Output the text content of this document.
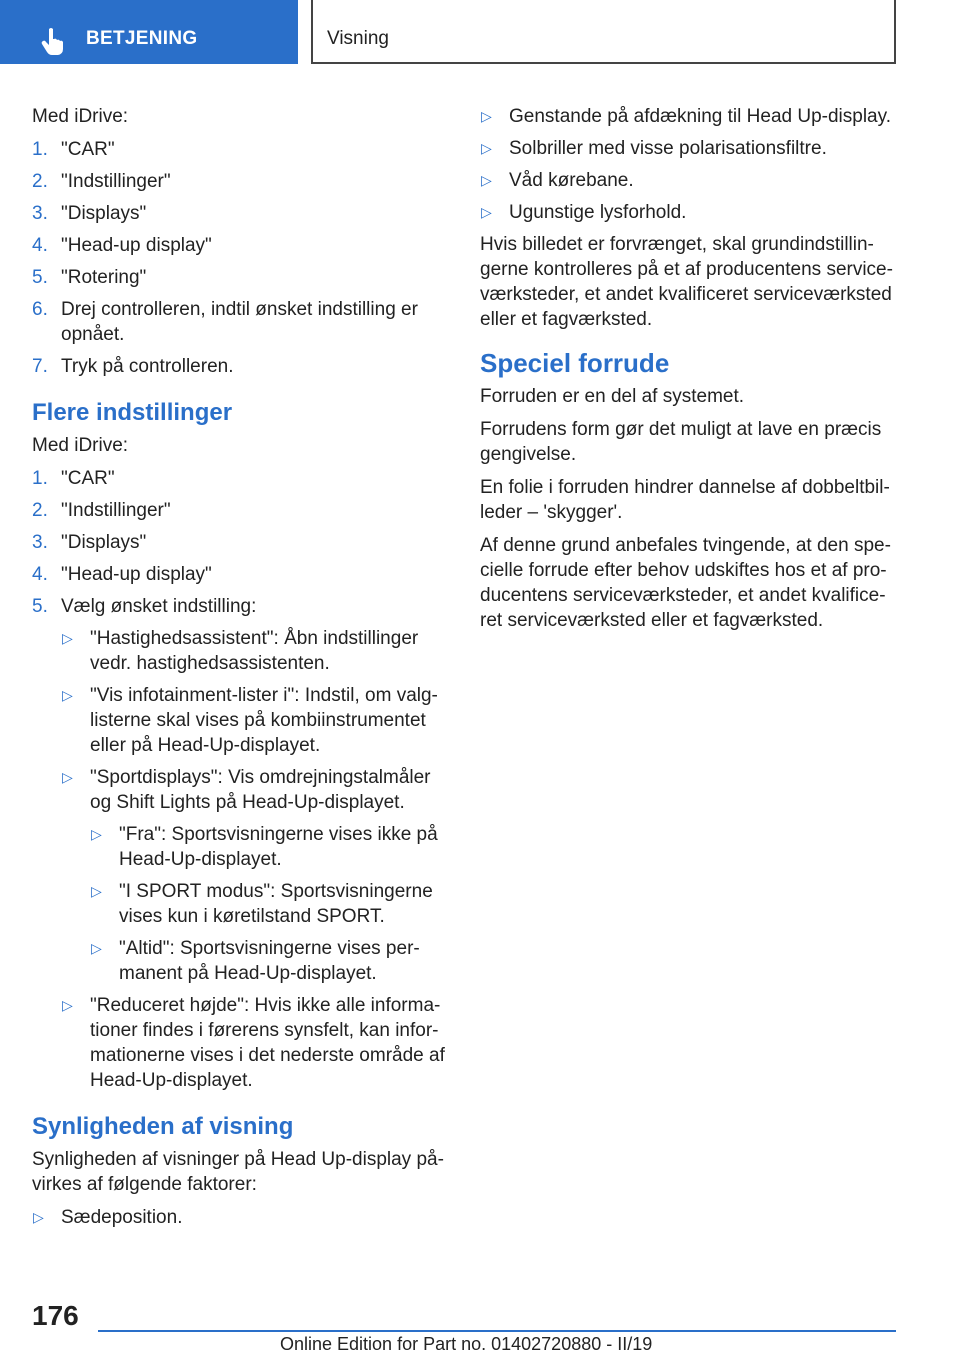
BETJENING	Visning

Med iDrive:

1. "CAR"
2. "Indstillinger"
3. "Displays"
4. "Head-up display"
5. "Rotering"
6. Drej controlleren, indtil ønsket indstilling er opnået.
7. Tryk på controlleren.
Flere indstillinger

Med iDrive:

1. "CAR"
2. "Indstillinger"
3. "Displays"
4. "Head-up display"
5. Vælg ønsket indstilling:
▷ "Hastighedsassistent": Åbn indstillinger vedr. hastighedsassistenten.
▷ "Vis infotainment-lister i": Indstil, om valg-listerne skal vises på kombiinstrumentet eller på Head-Up-displayet.
▷ "Sportdisplays": Vis omdrejningstalmåler og Shift Lights på Head-Up-displayet.
▷ "Fra": Sportsvisningerne vises ikke på Head-Up-displayet.
▷ "I SPORT modus": Sportsvisningerne vises kun i køretilstand SPORT.
▷ "Altid": Sportsvisningerne vises per-manent på Head-Up-displayet.
▷ "Reduceret højde": Hvis ikke alle informa-tioner findes i førerens synsfelt, kan infor-mationerne vises i det nederste område af Head-Up-displayet.
Synligheden af visning

Synligheden af visninger på Head Up-display på-virkes af følgende faktorer:

▷ Sædeposition.
▷ Genstande på afdækning til Head Up-display.
▷ Solbriller med visse polarisationsfiltre.
▷ Våd kørebane.
▷ Ugunstige lysforhold.

Hvis billedet er forvrænget, skal grundindstillin-gerne kontrolleres på et af producentens service-værksteder, et andet kvalificeret serviceværksted eller et fagværksted.

Speciel forrude

Forruden er en del af systemet.

Forrudens form gør det muligt at lave en præcis gengivelse.

En folie i forruden hindrer dannelse af dobbeltbil-leder – 'skygger'.

Af denne grund anbefales tvingende, at den spe-cielle forrude efter behov udskiftes hos et af pro-ducentens serviceværksteder, et andet kvalifice-ret serviceværksted eller et fagværksted.

176
Online Edition for Part no. 01402720880 - II/19
